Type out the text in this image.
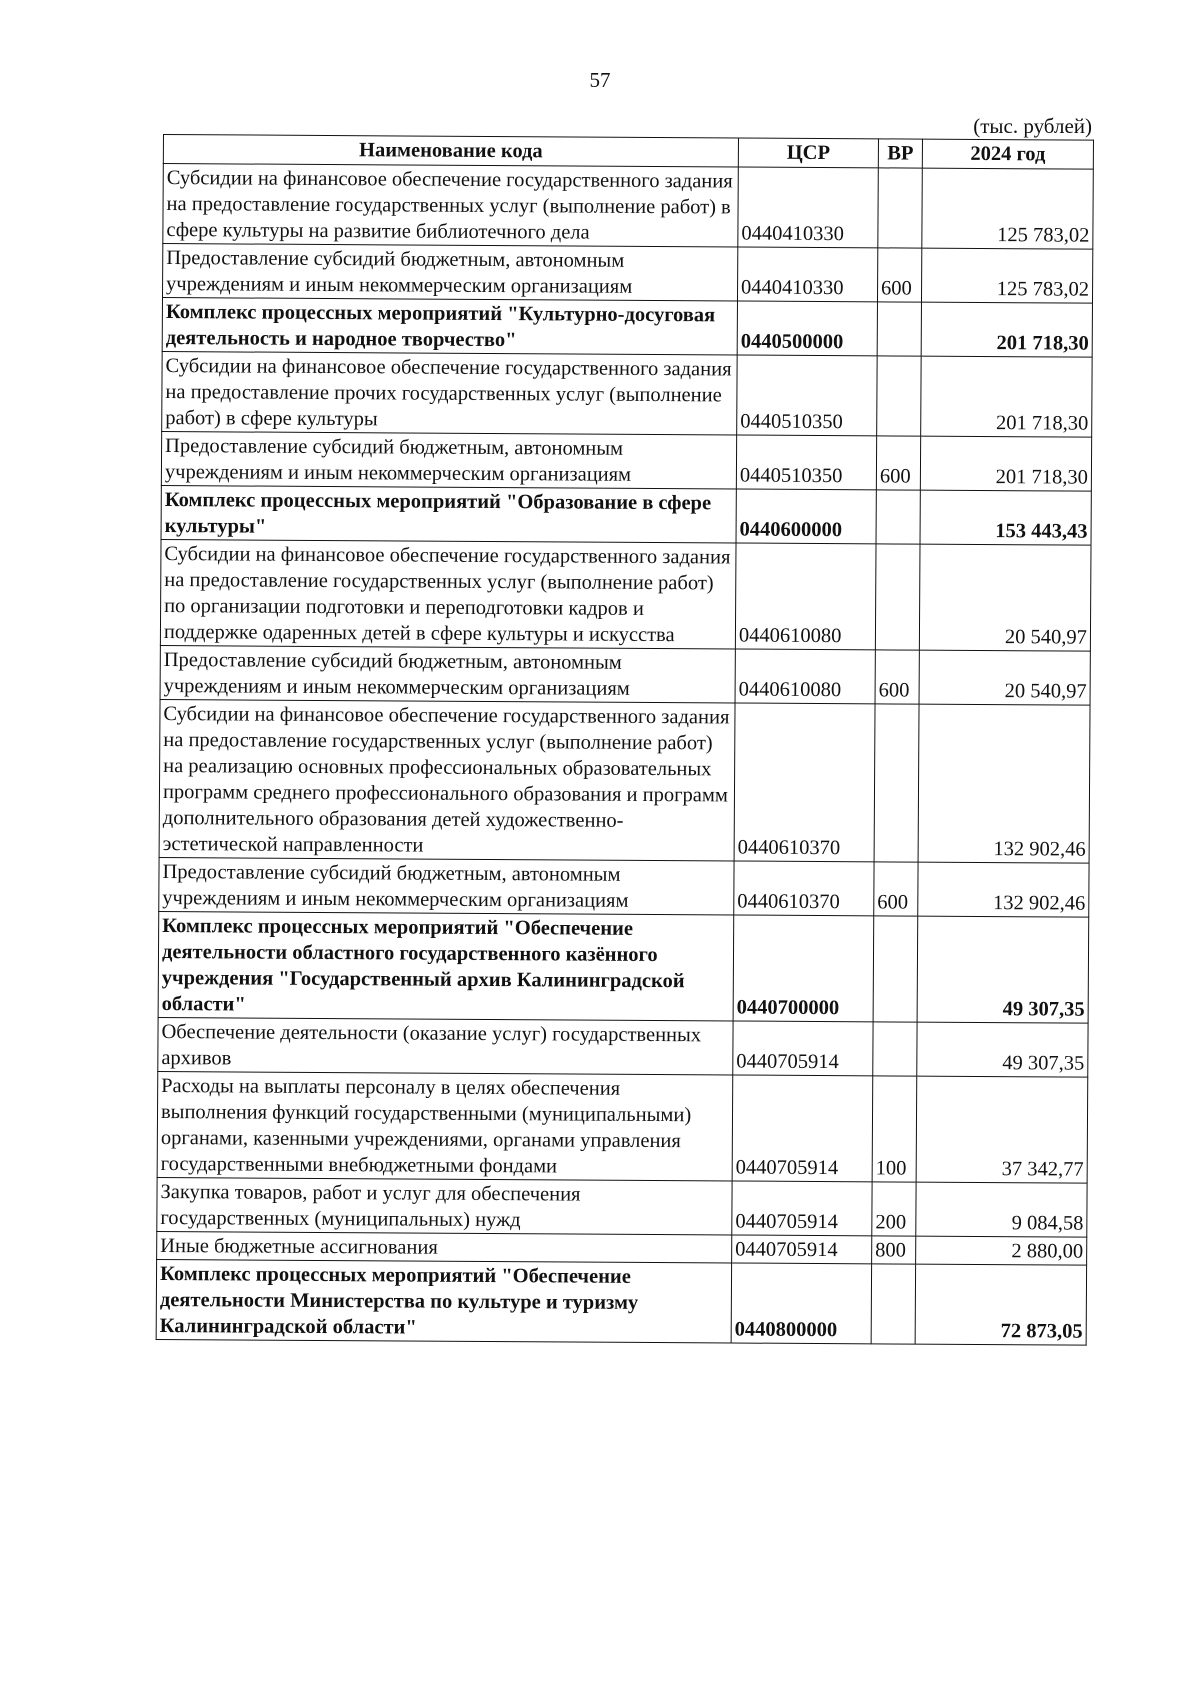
57
(тыс. рублей)
Наименование кода	ЦСР	ВР	2024 год
Субсидии на финансовое обеспечение государственного задания на предоставление государственных услуг (выполнение работ) в сфере культуры на развитие библиотечного дела	0440410330		125 783,02
Предоставление субсидий бюджетным, автономным учреждениям и иным некоммерческим организациям	0440410330	600	125 783,02
Комплекс процессных мероприятий "Культурно-досуговая деятельность и народное творчество"	0440500000		201 718,30
Субсидии на финансовое обеспечение государственного задания на предоставление прочих государственных услуг (выполнение работ) в сфере культуры	0440510350		201 718,30
Предоставление субсидий бюджетным, автономным учреждениям и иным некоммерческим организациям	0440510350	600	201 718,30
Комплекс процессных мероприятий "Образование в сфере культуры"	0440600000		153 443,43
Субсидии на финансовое обеспечение государственного задания на предоставление государственных услуг (выполнение работ) по организации подготовки и переподготовки кадров и поддержке одаренных детей в сфере культуры и искусства	0440610080		20 540,97
Предоставление субсидий бюджетным, автономным учреждениям и иным некоммерческим организациям	0440610080	600	20 540,97
Субсидии на финансовое обеспечение государственного задания на предоставление государственных услуг (выполнение работ) на реализацию основных профессиональных образовательных программ среднего профессионального образования и программ дополнительного образования детей художественно-эстетической направленности	0440610370		132 902,46
Предоставление субсидий бюджетным, автономным учреждениям и иным некоммерческим организациям	0440610370	600	132 902,46
Комплекс процессных мероприятий "Обеспечение деятельности областного государственного казённого учреждения "Государственный архив Калининградской области"	0440700000		49 307,35
Обеспечение деятельности (оказание услуг) государственных архивов	0440705914		49 307,35
Расходы на выплаты персоналу в целях обеспечения выполнения функций государственными (муниципальными) органами, казенными учреждениями, органами управления государственными внебюджетными фондами	0440705914	100	37 342,77
Закупка товаров, работ и услуг для обеспечения государственных (муниципальных) нужд	0440705914	200	9 084,58
Иные бюджетные ассигнования	0440705914	800	2 880,00
Комплекс процессных мероприятий "Обеспечение деятельности Министерства по культуре и туризму Калининградской области"	0440800000		72 873,05
